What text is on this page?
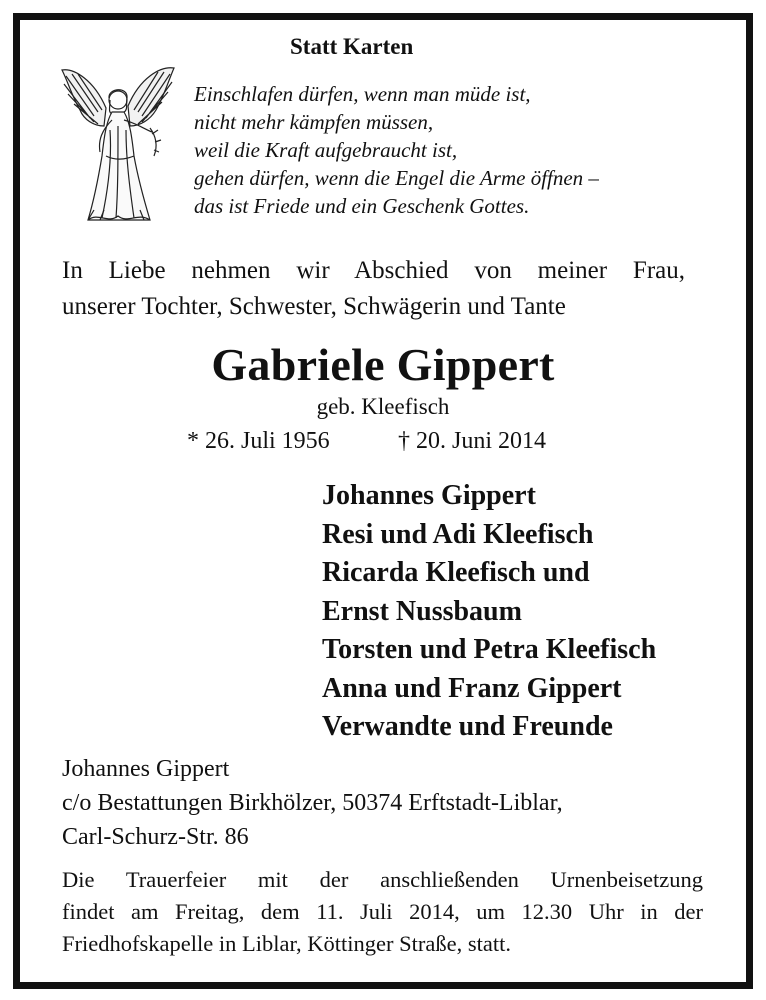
Statt Karten
Einschlafen dürfen, wenn man müde ist,
nicht mehr kämpfen müssen,
weil die Kraft aufgebraucht ist,
gehen dürfen, wenn die Engel die Arme öffnen –
das ist Friede und ein Geschenk Gottes.
In Liebe nehmen wir Abschied von meiner Frau,
unserer Tochter, Schwester, Schwägerin und Tante
Gabriele Gippert
geb. Kleefisch
* 26. Juli 1956	† 20. Juni 2014
Johannes Gippert
Resi und Adi Kleefisch
Ricarda Kleefisch und
Ernst Nussbaum
Torsten und Petra Kleefisch
Anna und Franz Gippert
Verwandte und Freunde
Johannes Gippert
c/o Bestattungen Birkhölzer, 50374 Erftstadt-Liblar,
Carl-Schurz-Str. 86
Die Trauerfeier mit der anschließenden Urnenbeisetzung
findet am Freitag, dem 11. Juli 2014, um 12.30 Uhr in der
Friedhofskapelle in Liblar, Köttinger Straße, statt.
